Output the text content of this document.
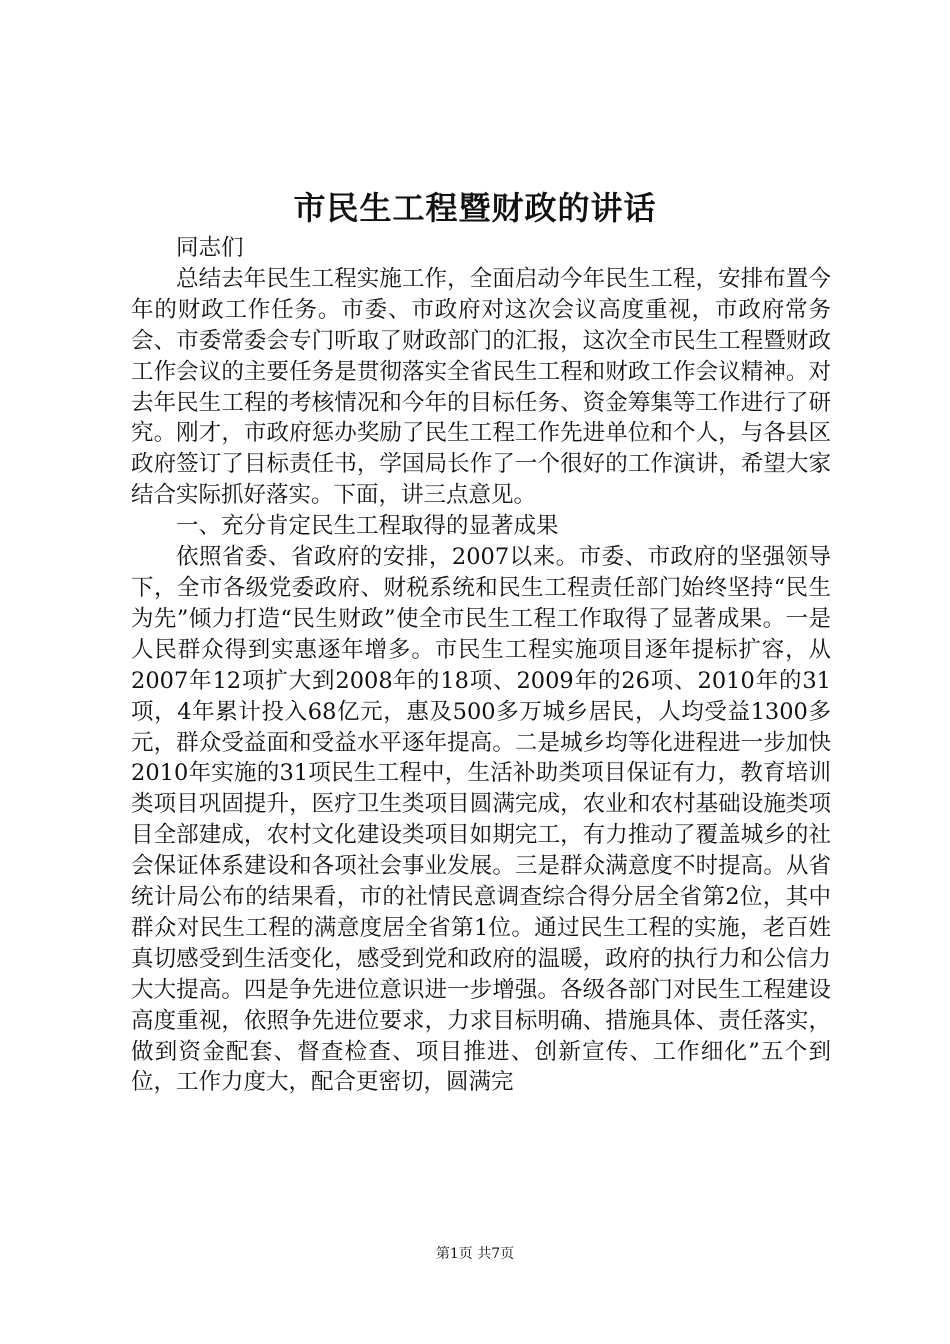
市民生工程暨财政的讲话

同志们

总结去年民生工程实施工作，全面启动今年民生工程，安排布置今年的财政工作任务。市委、市政府对这次会议高度重视，市政府常务会、市委常委会专门听取了财政部门的汇报，这次全市民生工程暨财政工作会议的主要任务是贯彻落实全省民生工程和财政工作会议精神。对去年民生工程的考核情况和今年的目标任务、资金筹集等工作进行了研究。刚才，市政府惩办奖励了民生工程工作先进单位和个人，与各县区政府签订了目标责任书，学国局长作了一个很好的工作演讲，希望大家结合实际抓好落实。下面，讲三点意见。

一、充分肯定民生工程取得的显著成果

依照省委、省政府的安排，2007以来。市委、市政府的坚强领导下，全市各级党委政府、财税系统和民生工程责任部门始终坚持“民生为先”倾力打造“民生财政”使全市民生工程工作取得了显著成果。一是人民群众得到实惠逐年增多。市民生工程实施项目逐年提标扩容，从2007年12项扩大到2008年的18项、2009年的26项、2010年的31项，4年累计投入68亿元，惠及500多万城乡居民，人均受益1300多元，群众受益面和受益水平逐年提高。二是城乡均等化进程进一步加快2010年实施的31项民生工程中，生活补助类项目保证有力，教育培训类项目巩固提升，医疗卫生类项目圆满完成，农业和农村基础设施类项目全部建成，农村文化建设类项目如期完工，有力推动了覆盖城乡的社会保证体系建设和各项社会事业发展。三是群众满意度不时提高。从省统计局公布的结果看，市的社情民意调查综合得分居全省第2位，其中群众对民生工程的满意度居全省第1位。通过民生工程的实施，老百姓真切感受到生活变化，感受到党和政府的温暖，政府的执行力和公信力大大提高。四是争先进位意识进一步增强。各级各部门对民生工程建设高度重视，依照争先进位要求，力求目标明确、措施具体、责任落实，做到资金配套、督查检查、项目推进、创新宣传、工作细化”五个到位，工作力度大，配合更密切，圆满完

第1页 共7页
